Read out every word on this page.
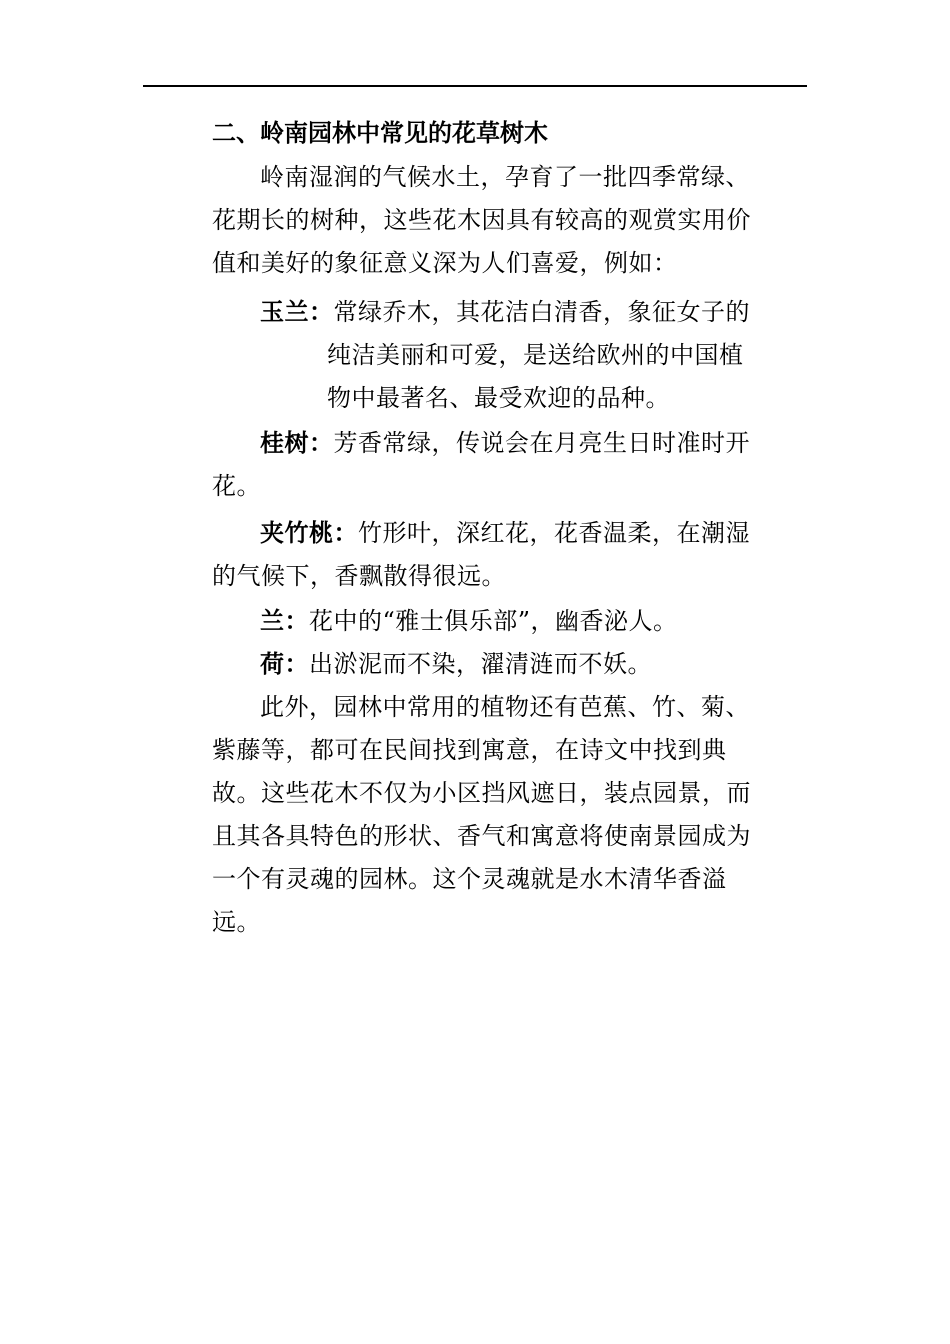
二、岭南园林中常见的花草树木

岭南湿润的气候水土，孕育了一批四季常绿、花期长的树种，这些花木因具有较高的观赏实用价值和美好的象征意义深为人们喜爱，例如：

玉兰：常绿乔木，其花洁白清香，象征女子的纯洁美丽和可爱，是送给欧州的中国植物中最著名、最受欢迎的品种。

桂树：芳香常绿，传说会在月亮生日时准时开花。

夹竹桃：竹形叶，深红花，花香温柔，在潮湿的气候下，香飘散得很远。

兰：花中的“雅士俱乐部”，幽香泌人。

荷：出淤泥而不染，濯清涟而不妖。

此外，园林中常用的植物还有芭蕉、竹、菊、紫藤等，都可在民间找到寓意，在诗文中找到典故。这些花木不仅为小区挡风遮日，装点园景，而且其各具特色的形状、香气和寓意将使南景园成为一个有灵魂的园林。这个灵魂就是水木清华香溢远。
